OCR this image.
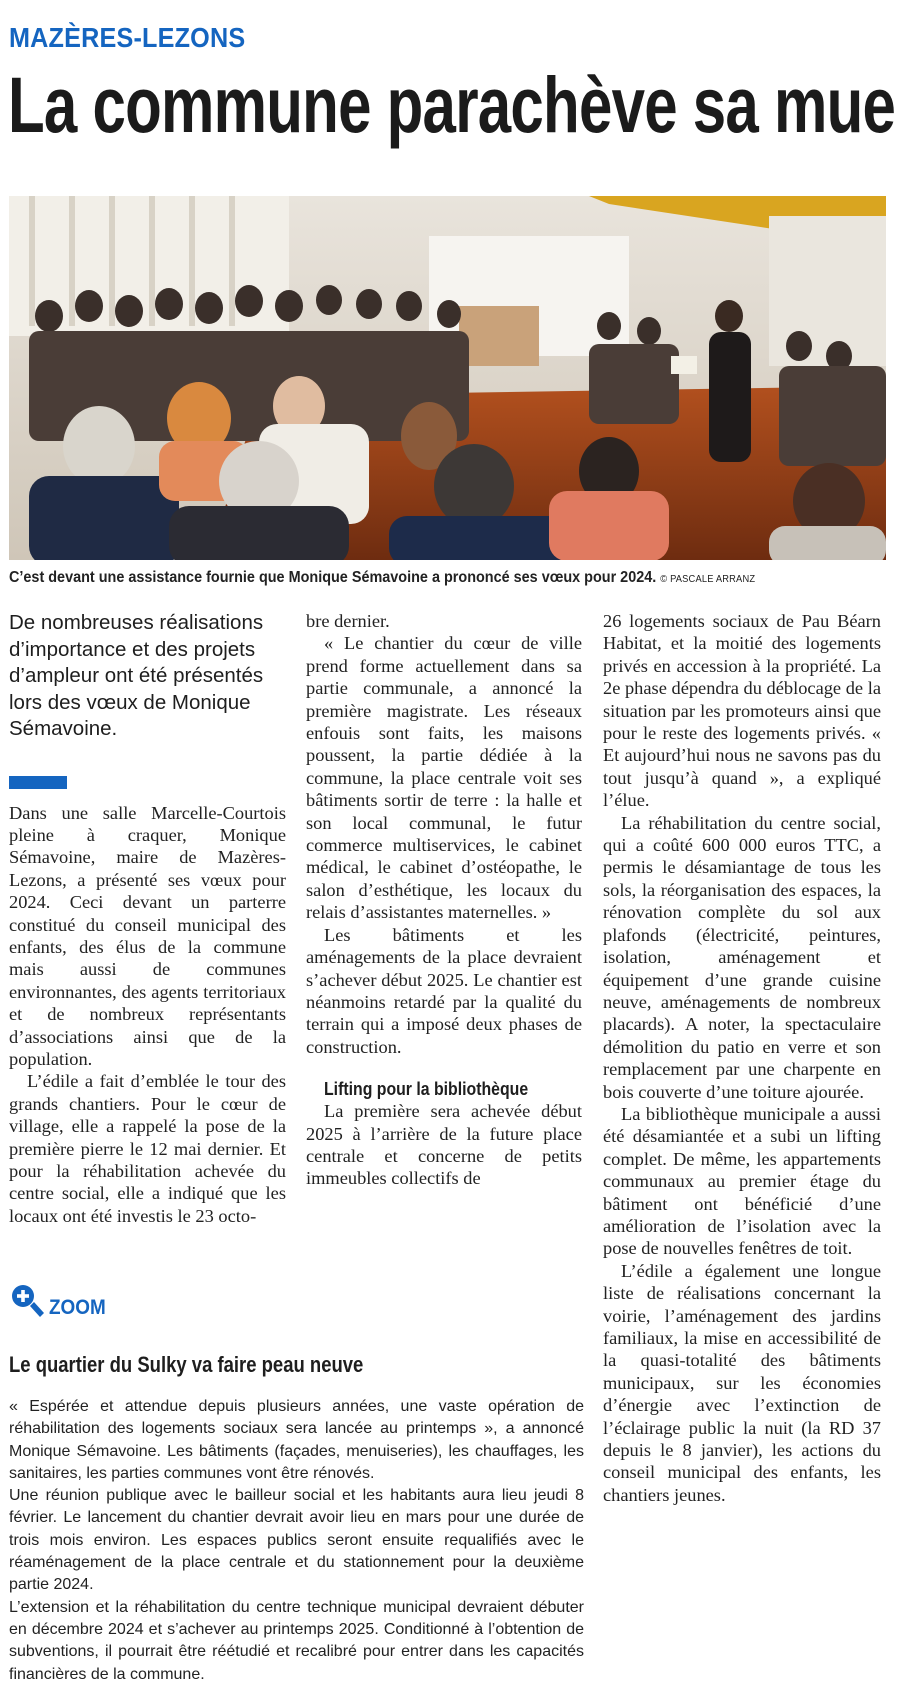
MAZÈRES-LEZONS
La commune parachève sa mue
C’est devant une assistance fournie que Monique Sémavoine a prononcé ses vœux pour 2024. © PASCALE ARRANZ

De nombreuses réalisations d’importance et des projets d’ampleur ont été présentés lors des vœux de Monique Sémavoine.

Dans une salle Marcelle-Courtois pleine à craquer, Monique Sémavoine, maire de Mazères-Lezons, a présenté ses vœux pour 2024. Ceci devant un parterre constitué du conseil municipal des enfants, des élus de la commune mais aussi de communes environnantes, des agents territoriaux et de nombreux représentants d’associations ainsi que de la population.

L’édile a fait d’emblée le tour des grands chantiers. Pour le cœur de village, elle a rappelé la pose de la première pierre le 12 mai dernier. Et pour la réhabilitation achevée du centre social, elle a indiqué que les locaux ont été investis le 23 octo-

bre dernier.

« Le chantier du cœur de ville prend forme actuellement dans sa partie communale, a annoncé la première magistrate. Les réseaux enfouis sont faits, les maisons poussent, la partie dédiée à la commune, la place centrale voit ses bâtiments sortir de terre : la halle et son local communal, le futur commerce multiservices, le cabinet médical, le cabinet d’ostéopathe, le salon d’esthétique, les locaux du relais d’assistantes maternelles. »

Les bâtiments et les aménagements de la place devraient s’achever début 2025. Le chantier est néanmoins retardé par la qualité du terrain qui a imposé deux phases de construction.

Lifting pour la bibliothèque

La première sera achevée début 2025 à l’arrière de la future place centrale et concerne de petits immeubles collectifs de

26 logements sociaux de Pau Béarn Habitat, et la moitié des logements privés en accession à la propriété. La 2e phase dépendra du déblocage de la situation par les promoteurs ainsi que pour le reste des logements privés. « Et aujourd’hui nous ne savons pas du tout jusqu’à quand », a expliqué l’élue.

La réhabilitation du centre social, qui a coûté 600 000 euros TTC, a permis le désamiantage de tous les sols, la réorganisation des espaces, la rénovation complète du sol aux plafonds (électricité, peintures, isolation, aménagement et équipement d’une grande cuisine neuve, aménagements de nombreux placards). A noter, la spectaculaire démolition du patio en verre et son remplacement par une charpente en bois couverte d’une toiture ajourée.

La bibliothèque municipale a aussi été désamiantée et a subi un lifting complet. De même, les appartements communaux au premier étage du bâtiment ont bénéficié d’une amélioration de l’isolation avec la pose de nouvelles fenêtres de toit.

L’édile a également une longue liste de réalisations concernant la voirie, l’aménagement des jardins familiaux, la mise en accessibilité de la quasi-totalité des bâtiments municipaux, sur les économies d’énergie avec l’extinction de l’éclairage public la nuit (la RD 37 depuis le 8 janvier), les actions du conseil municipal des enfants, les chantiers jeunes.

ZOOM
Le quartier du Sulky va faire peau neuve

« Espérée et attendue depuis plusieurs années, une vaste opération de réhabilitation des logements sociaux sera lancée au printemps », a annoncé Monique Sémavoine. Les bâtiments (façades, menuiseries), les chauffages, les sanitaires, les parties communes vont être rénovés.

Une réunion publique avec le bailleur social et les habitants aura lieu jeudi 8 février. Le lancement du chantier devrait avoir lieu en mars pour une durée de trois mois environ. Les espaces publics seront ensuite requalifiés avec le réaménagement de la place centrale et du stationnement pour la deuxième partie 2024.

L’extension et la réhabilitation du centre technique municipal devraient débuter en décembre 2024 et s’achever au printemps 2025. Conditionné à l’obtention de subventions, il pourrait être réétudié et recalibré pour entrer dans les capacités financières de la commune.
